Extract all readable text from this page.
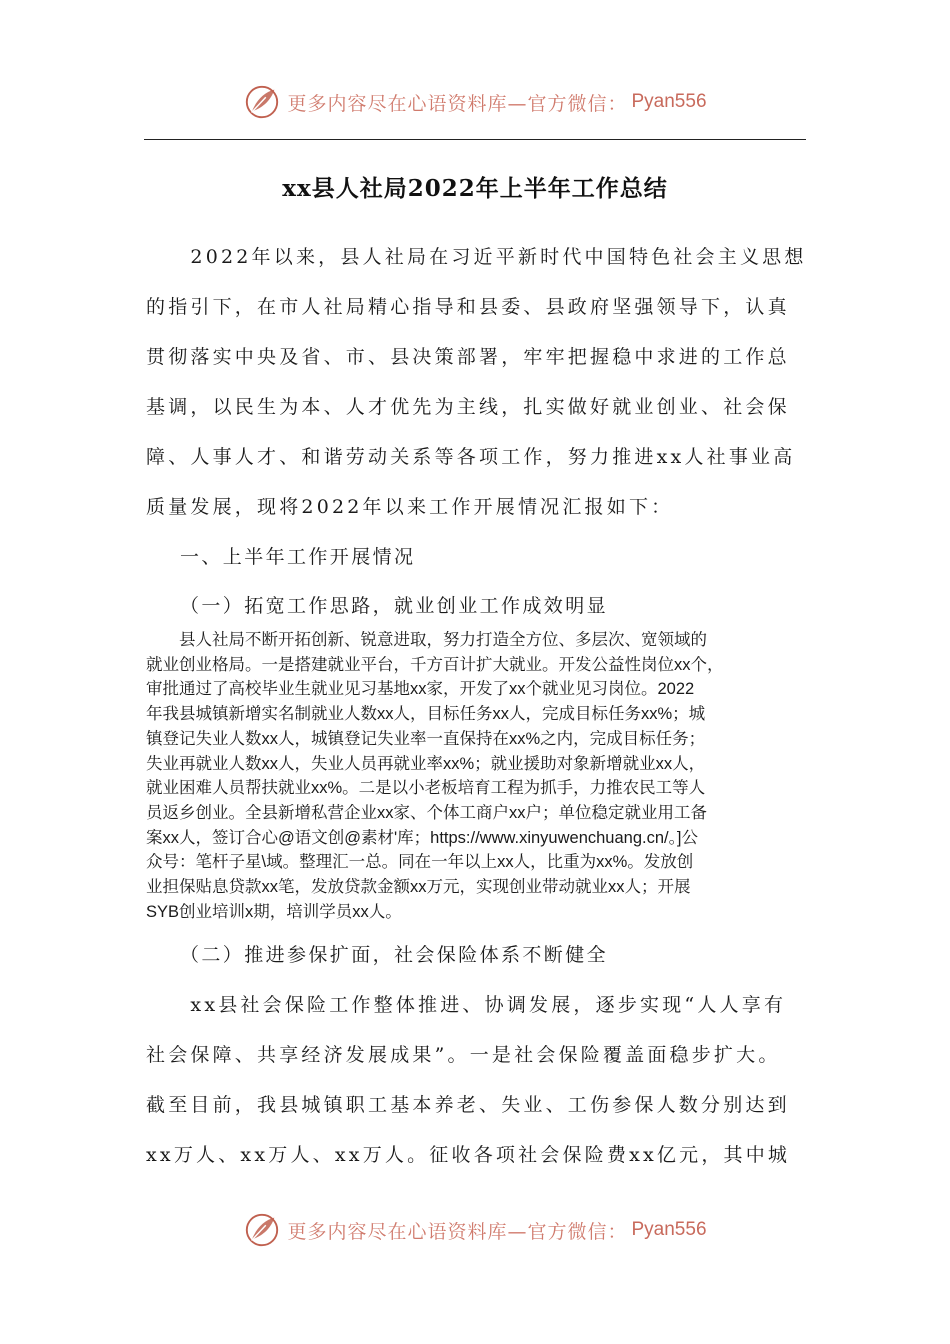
更多内容尽在心语资料库—官方微信： Pyan556
xx县人社局2022年上半年工作总结
　　2022年以来，县人社局在习近平新时代中国特色社会主义思想
的指引下，在市人社局精心指导和县委、县政府坚强领导下，认真
贯彻落实中央及省、市、县决策部署，牢牢把握稳中求进的工作总
基调，以民生为本、人才优先为主线，扎实做好就业创业、社会保
障、人事人才、和谐劳动关系等各项工作，努力推进xx人社事业高
质量发展，现将2022年以来工作开展情况汇报如下：
一、上半年工作开展情况
（一）拓宽工作思路，就业创业工作成效明显
　　县人社局不断开拓创新、锐意进取，努力打造全方位、多层次、宽领域的
就业创业格局。一是搭建就业平台，千方百计扩大就业。开发公益性岗位xx个，
审批通过了高校毕业生就业见习基地xx家，开发了xx个就业见习岗位。2022
年我县城镇新增实名制就业人数xx人，目标任务xx人，完成目标任务xx%；城
镇登记失业人数xx人，城镇登记失业率一直保持在xx%之内，完成目标任务；
失业再就业人数xx人，失业人员再就业率xx%；就业援助对象新增就业xx人，
就业困难人员帮扶就业xx%。二是以小老板培育工程为抓手，力推农民工等人
员返乡创业。全县新增私营企业xx家、个体工商户xx户；单位稳定就业用工备
案xx人，签订合心@语文创@素材'库；https://www.xinyuwenchuang.cn/。]公
众号：笔杆子星\域。整理汇一总。同在一年以上xx人，比重为xx%。发放创
业担保贴息贷款xx笔，发放贷款金额xx万元，实现创业带动就业xx人；开展
SYB创业培训x期，培训学员xx人。
（二）推进参保扩面，社会保险体系不断健全
　　xx县社会保险工作整体推进、协调发展，逐步实现“人人享有
社会保障、共享经济发展成果”。一是社会保险覆盖面稳步扩大。
截至目前，我县城镇职工基本养老、失业、工伤参保人数分别达到
xx万人、xx万人、xx万人。征收各项社会保险费xx亿元，其中城
更多内容尽在心语资料库—官方微信： Pyan556
